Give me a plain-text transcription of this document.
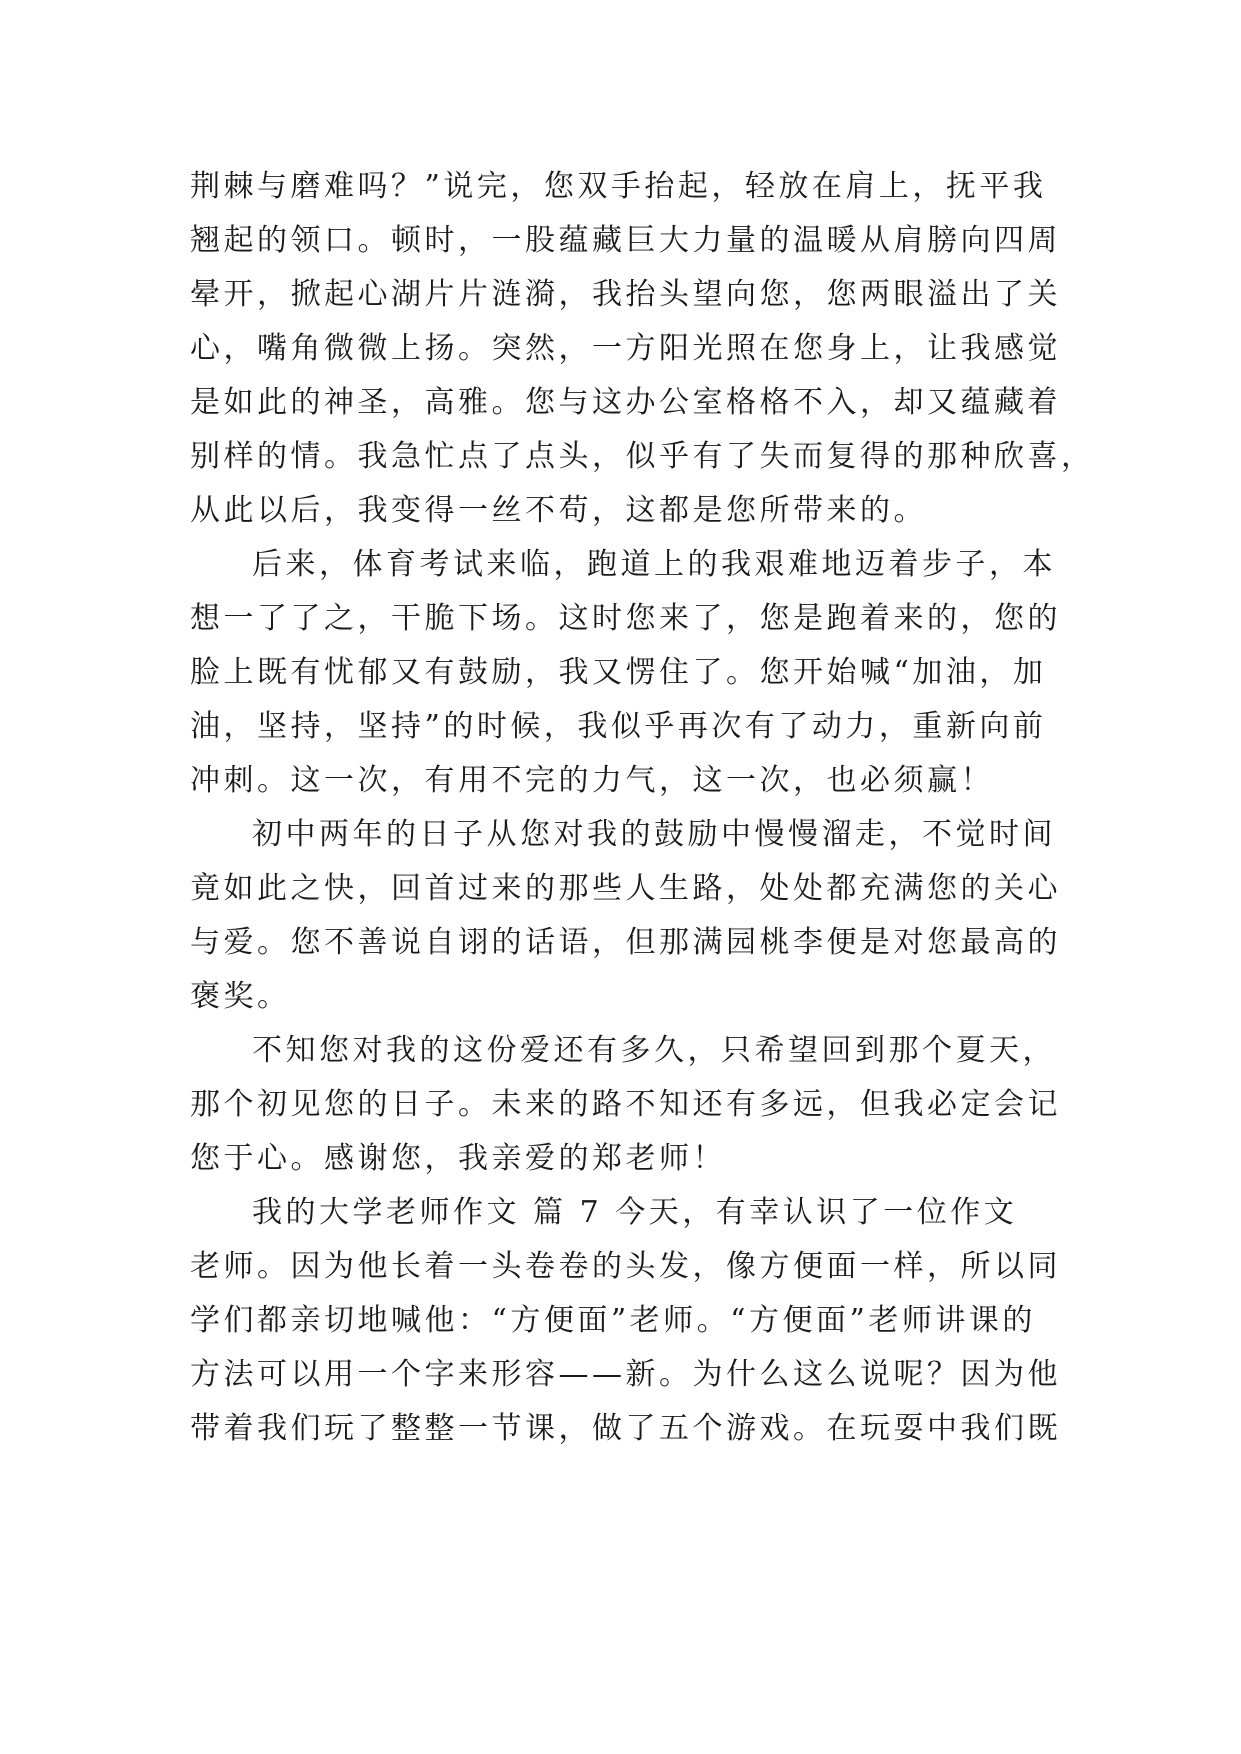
荆棘与磨难吗？”说完，您双手抬起，轻放在肩上，抚平我
翘起的领口。顿时，一股蕴藏巨大力量的温暖从肩膀向四周
晕开，掀起心湖片片涟漪，我抬头望向您，您两眼溢出了关
心，嘴角微微上扬。突然，一方阳光照在您身上，让我感觉
是如此的神圣，高雅。您与这办公室格格不入，却又蕴藏着
别样的情。我急忙点了点头，似乎有了失而复得的那种欣喜，
从此以后，我变得一丝不苟，这都是您所带来的。
后来，体育考试来临，跑道上的我艰难地迈着步子，本
想一了了之，干脆下场。这时您来了，您是跑着来的，您的
脸上既有忧郁又有鼓励，我又愣住了。您开始喊“加油，加
油，坚持，坚持”的时候，我似乎再次有了动力，重新向前
冲刺。这一次，有用不完的力气，这一次，也必须赢！
初中两年的日子从您对我的鼓励中慢慢溜走，不觉时间
竟如此之快，回首过来的那些人生路，处处都充满您的关心
与爱。您不善说自诩的话语，但那满园桃李便是对您最高的
褒奖。
不知您对我的这份爱还有多久，只希望回到那个夏天，
那个初见您的日子。未来的路不知还有多远，但我必定会记
您于心。感谢您，我亲爱的郑老师！
我的大学老师作文 篇 7 今天，有幸认识了一位作文
老师。因为他长着一头卷卷的头发，像方便面一样，所以同
学们都亲切地喊他：“方便面”老师。“方便面”老师讲课的
方法可以用一个字来形容——新。为什么这么说呢？因为他
带着我们玩了整整一节课，做了五个游戏。在玩耍中我们既
